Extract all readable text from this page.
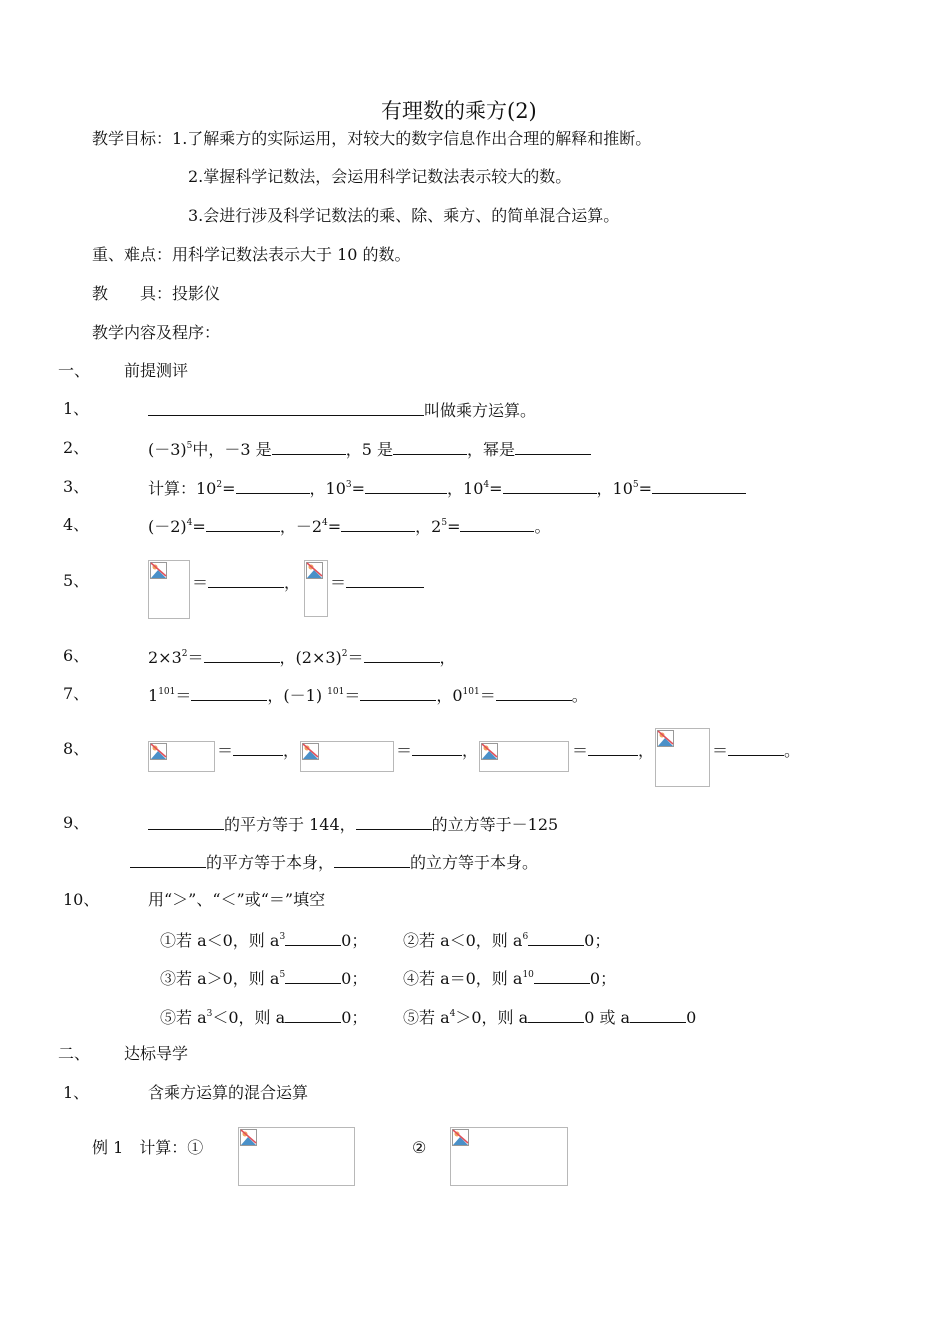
有理数的乘方(2)
教学目标：1.了解乘方的实际运用，对较大的数字信息作出合理的解释和推断。
2.掌握科学记数法，会运用科学记数法表示较大的数。
3.会进行涉及科学记数法的乘、除、乘方、的简单混合运算。
重、难点：用科学记数法表示大于 10 的数。
教　　具：投影仪
教学内容及程序：
一、 前提测评
1、	叫做乘方运算。
2、	$(-3)^5$中，－3 是	，5 是	，幂是
3、	计算：$10^2=$	，$10^3=$	，$10^4=$	，$10^5=$
4、	$(-2)^4=$	，$-2^4=$	，$2^5=$	。
5、	＝	， ＝
6、	$2\times 3^2=$	，$(2\times 3)^2=$	，
7、	$1^{101}=$	，(－1) $^{101}$＝	，$0^{101}=$	。
8、	＝	，	＝	，	＝	，	＝	。
9、	的平方等于 144，	的立方等于－125
的平方等于本身，	的立方等于本身。
10、	用“＞”、“＜”或“＝”填空
①若 a＜0，则 $a^3$	0； ②若 a＜0，则 $a^6$	0；
③若 a＞0，则 $a^5$	0； ④若 a＝0，则 $a^{10}$	0；
⑤若 $a^3<0$，则 a	0； ⑤若 $a^4>0$，则 a	0 或 a	0
二、 达标导学
1、	含乘方运算的混合运算
例 1　计算：①	②
